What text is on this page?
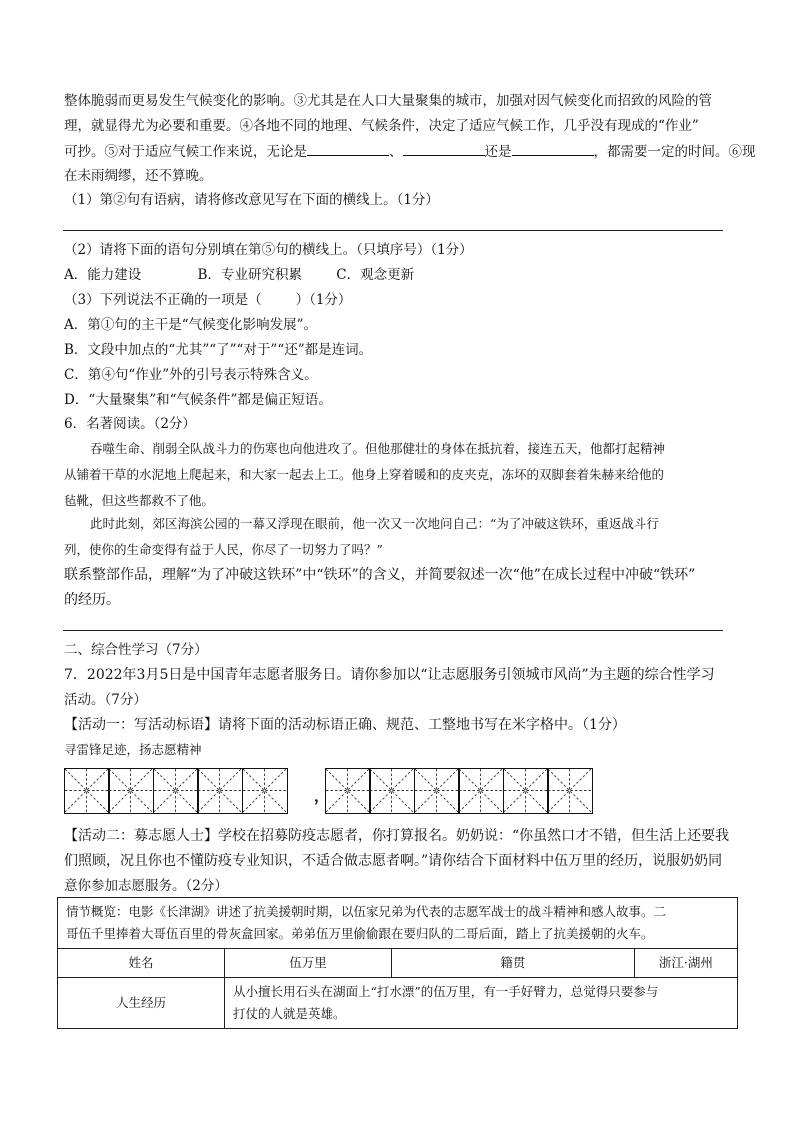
整体脆弱而更易发生气候变化的影响。③尤其是在人口大量聚集的城市，加强对因气候变化而招致的风险的管
理，就显得尤为必要和重要。④各地不同的地理、气候条件，决定了适应气候工作，几乎没有现成的“作业”
可抄。⑤对于适应气候工作来说，无论是	、	还是	，都需要一定的时间。⑥现
在未雨绸缪，还不算晚。
（1）第②句有语病，请将修改意见写在下面的横线上。（1分）
（2）请将下面的语句分别填在第⑤句的横线上。（只填序号）（1分）
A．能力建设	B．专业研究积累	C．观念更新
（3）下列说法不正确的一项是（	）（1分）
A．第①句的主干是“气候变化影响发展”。
B．文段中加点的“尤其”“了”“对于”“还”都是连词。
C．第④句“作业”外的引号表示特殊含义。
D．“大量聚集”和“气候条件”都是偏正短语。
6．名著阅读。（2分）
吞噬生命、削弱全队战斗力的伤寒也向他进攻了。但他那健壮的身体在抵抗着，接连五天，他都打起精神
从铺着干草的水泥地上爬起来，和大家一起去上工。他身上穿着暖和的皮夹克，冻坏的双脚套着朱赫来给他的
毡靴，但这些都救不了他。
此时此刻，郊区海滨公园的一幕又浮现在眼前，他一次又一次地问自己：“为了冲破这铁环，重返战斗行
列，使你的生命变得有益于人民，你尽了一切努力了吗？”
联系整部作品，理解“为了冲破这铁环”中“铁环”的含义，并简要叙述一次“他”在成长过程中冲破“铁环”
的经历。
二、综合性学习（7分）
7．2022年3月5日是中国青年志愿者服务日。请你参加以“让志愿服务引领城市风尚”为主题的综合性学习
活动。（7分）
【活动一：写活动标语】请将下面的活动标语正确、规范、工整地书写在米字格中。（1分）
寻雷锋足迹，扬志愿精神
，
【活动二：募志愿人士】学校在招募防疫志愿者，你打算报名。奶奶说：“你虽然口才不错，但生活上还要我
们照顾，况且你也不懂防疫专业知识，不适合做志愿者啊。”请你结合下面材料中伍万里的经历，说服奶奶同
意你参加志愿服务。（2分）
情节概览：电影《长津湖》讲述了抗美援朝时期，以伍家兄弟为代表的志愿军战士的战斗精神和感人故事。二
哥伍千里捧着大哥伍百里的骨灰盒回家。弟弟伍万里偷偷跟在要归队的二哥后面，踏上了抗美援朝的火车。			

姓名	伍万里	籍贯	浙江·湖州
人生经历	从小擅长用石头在湖面上“打水漂”的伍万里，有一手好臂力，总觉得只要参与
打仗的人就是英雄。		
